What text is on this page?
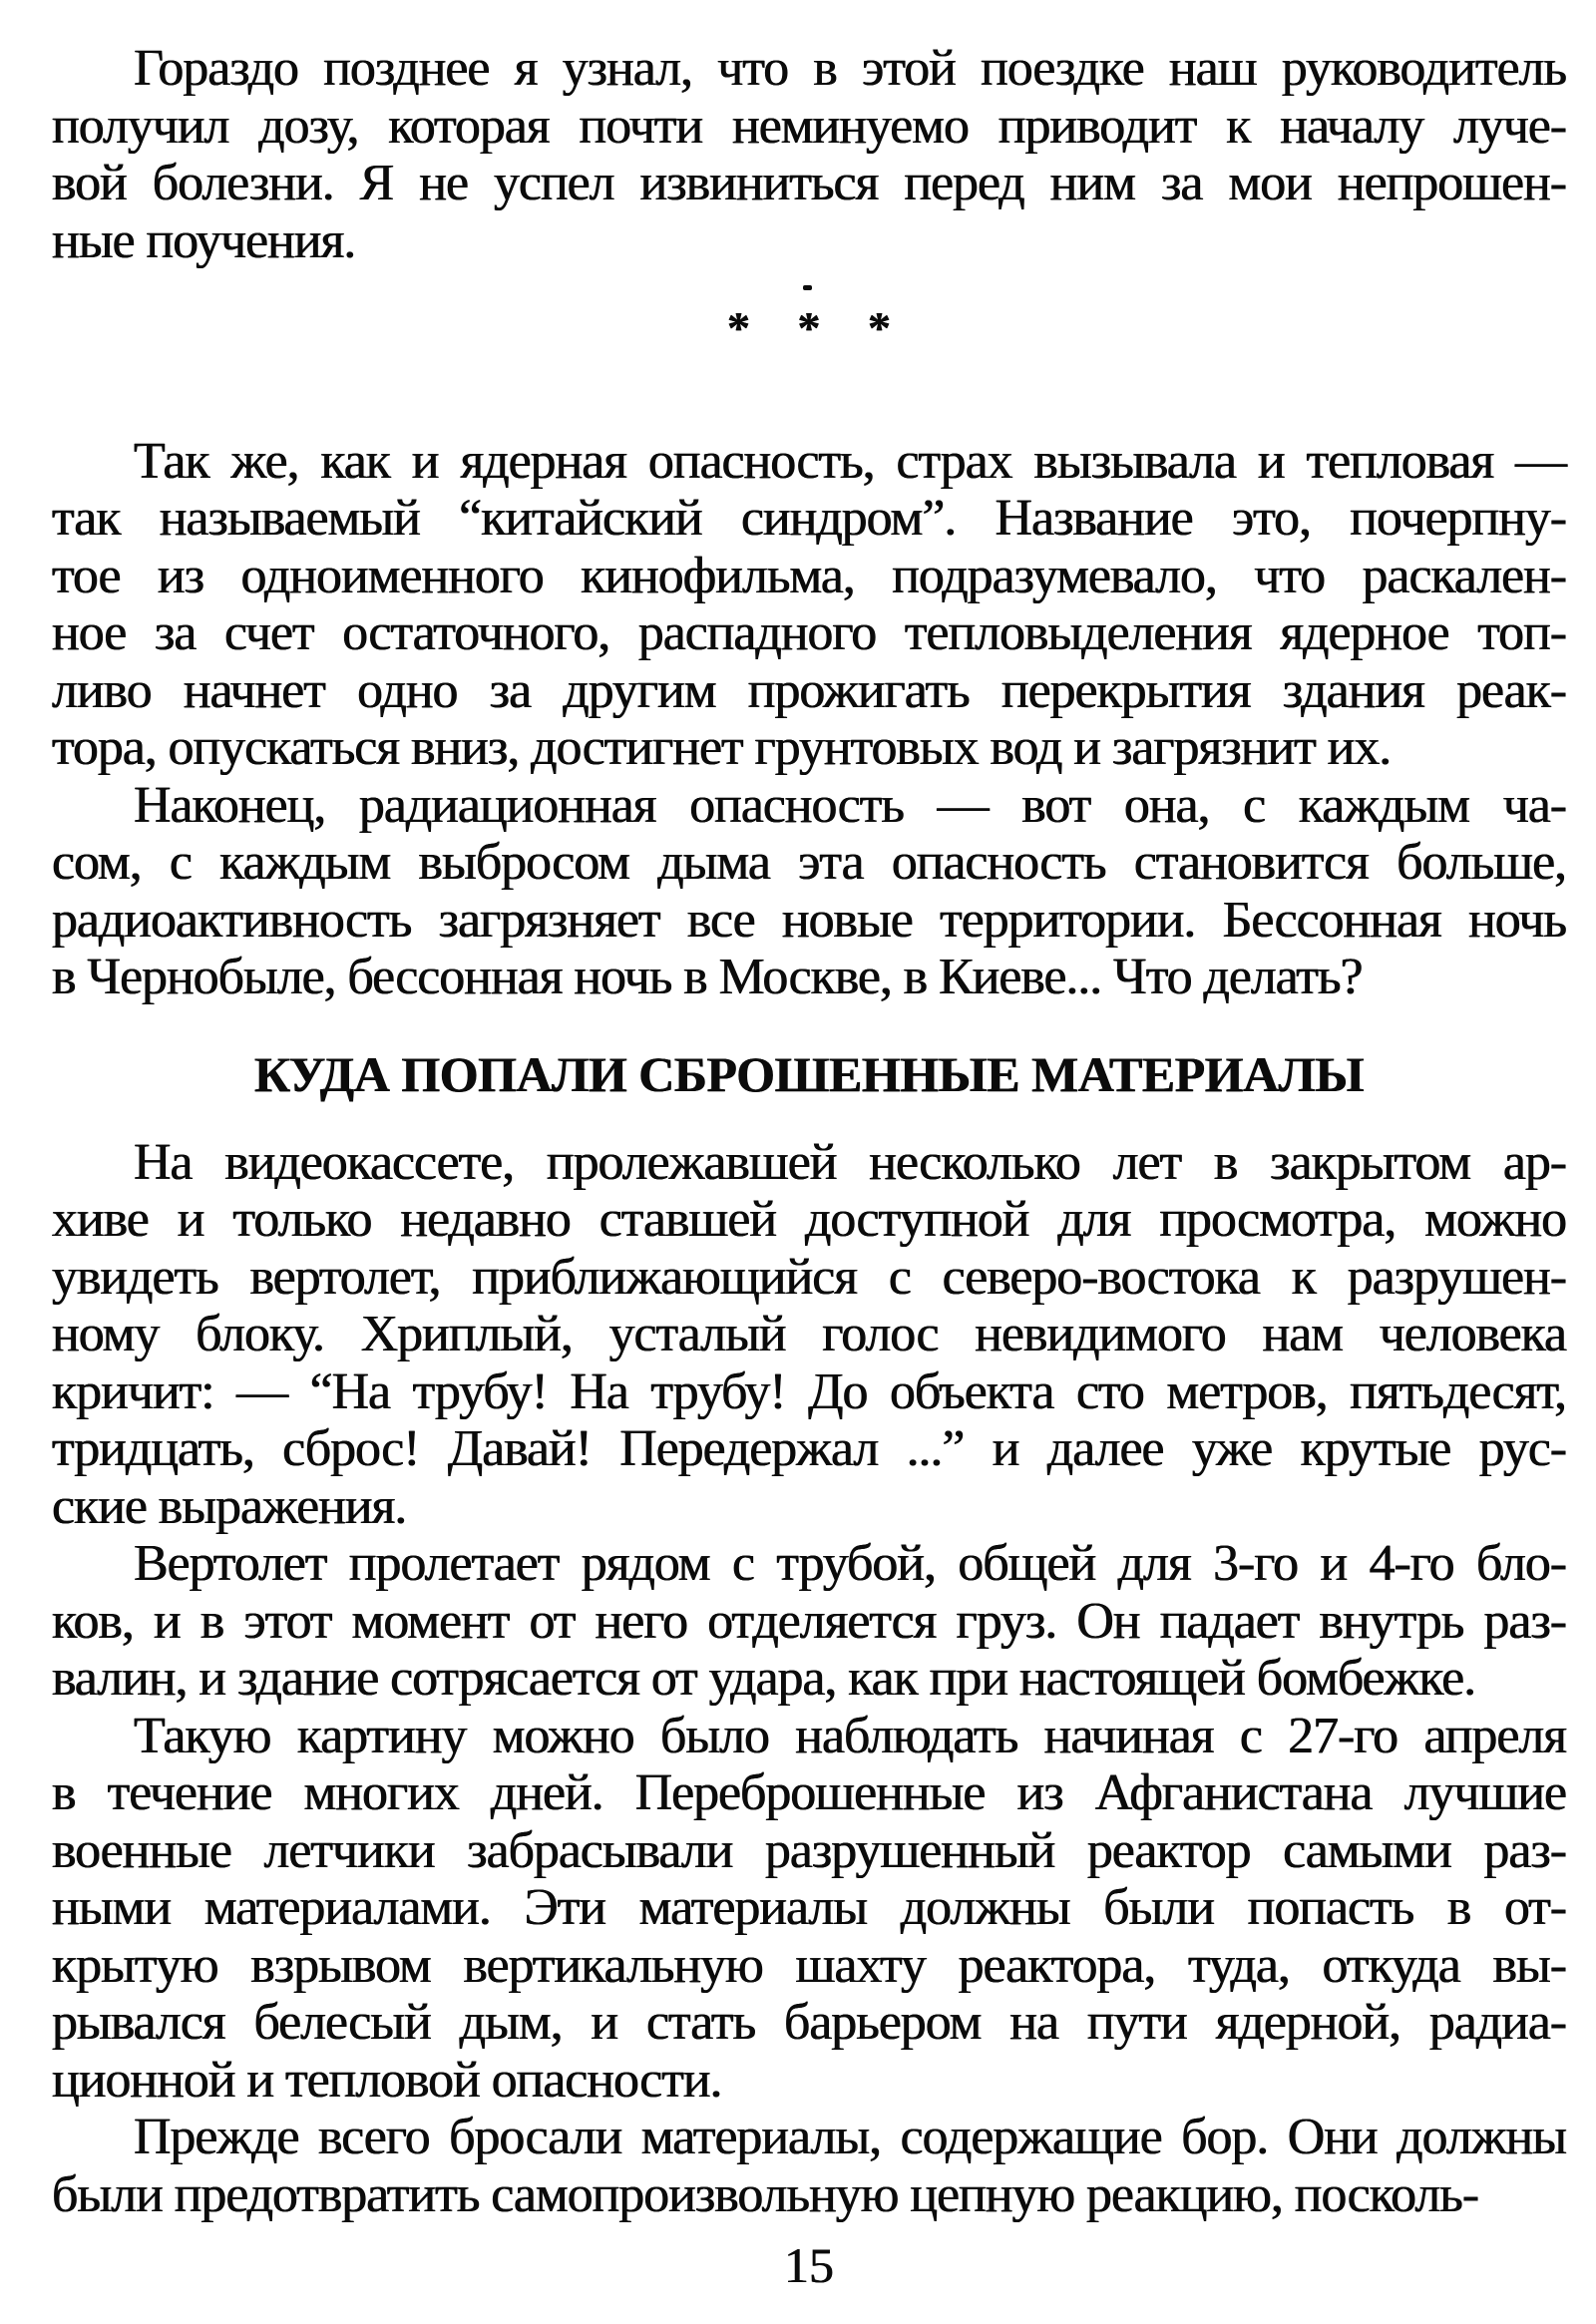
Гораздо позднее я узнал, что в этой поездке наш руководитель
получил дозу, которая почти неминуемо приводит к началу луче-
вой болезни. Я не успел извиниться перед ним за мои непрошен-
ные поучения.
* * *
Так же, как и ядерная опасность, страх вызывала и тепловая —
так называемый “китайский синдром”. Название это, почерпну-
тое из одноименного кинофильма, подразумевало, что раскален-
ное за счет остаточного, распадного тепловыделения ядерное топ-
ливо начнет одно за другим прожигать перекрытия здания реак-
тора, опускаться вниз, достигнет грунтовых вод и загрязнит их.
Наконец, радиационная опасность — вот она, с каждым ча-
сом, с каждым выбросом дыма эта опасность становится больше,
радиоактивность загрязняет все новые территории. Бессонная ночь
в Чернобыле, бессонная ночь в Москве, в Киеве... Что делать?
КУДА ПОПАЛИ СБРОШЕННЫЕ МАТЕРИАЛЫ
На видеокассете, пролежавшей несколько лет в закрытом ар-
хиве и только недавно ставшей доступной для просмотра, можно
увидеть вертолет, приближающийся с северо-востока к разрушен-
ному блоку. Хриплый, усталый голос невидимого нам человека
кричит: — “На трубу! На трубу! До объекта сто метров, пятьдесят,
тридцать, сброс! Давай! Передержал ...” и далее уже крутые рус-
ские выражения.
Вертолет пролетает рядом с трубой, общей для 3-го и 4-го бло-
ков, и в этот момент от него отделяется груз. Он падает внутрь раз-
валин, и здание сотрясается от удара, как при настоящей бомбежке.
Такую картину можно было наблюдать начиная с 27-го апреля
в течение многих дней. Переброшенные из Афганистана лучшие
военные летчики забрасывали разрушенный реактор самыми раз-
ными материалами. Эти материалы должны были попасть в от-
крытую взрывом вертикальную шахту реактора, туда, откуда вы-
рывался белесый дым, и стать барьером на пути ядерной, радиа-
ционной и тепловой опасности.
Прежде всего бросали материалы, содержащие бор. Они должны
были предотвратить самопроизвольную цепную реакцию, посколь-
15
